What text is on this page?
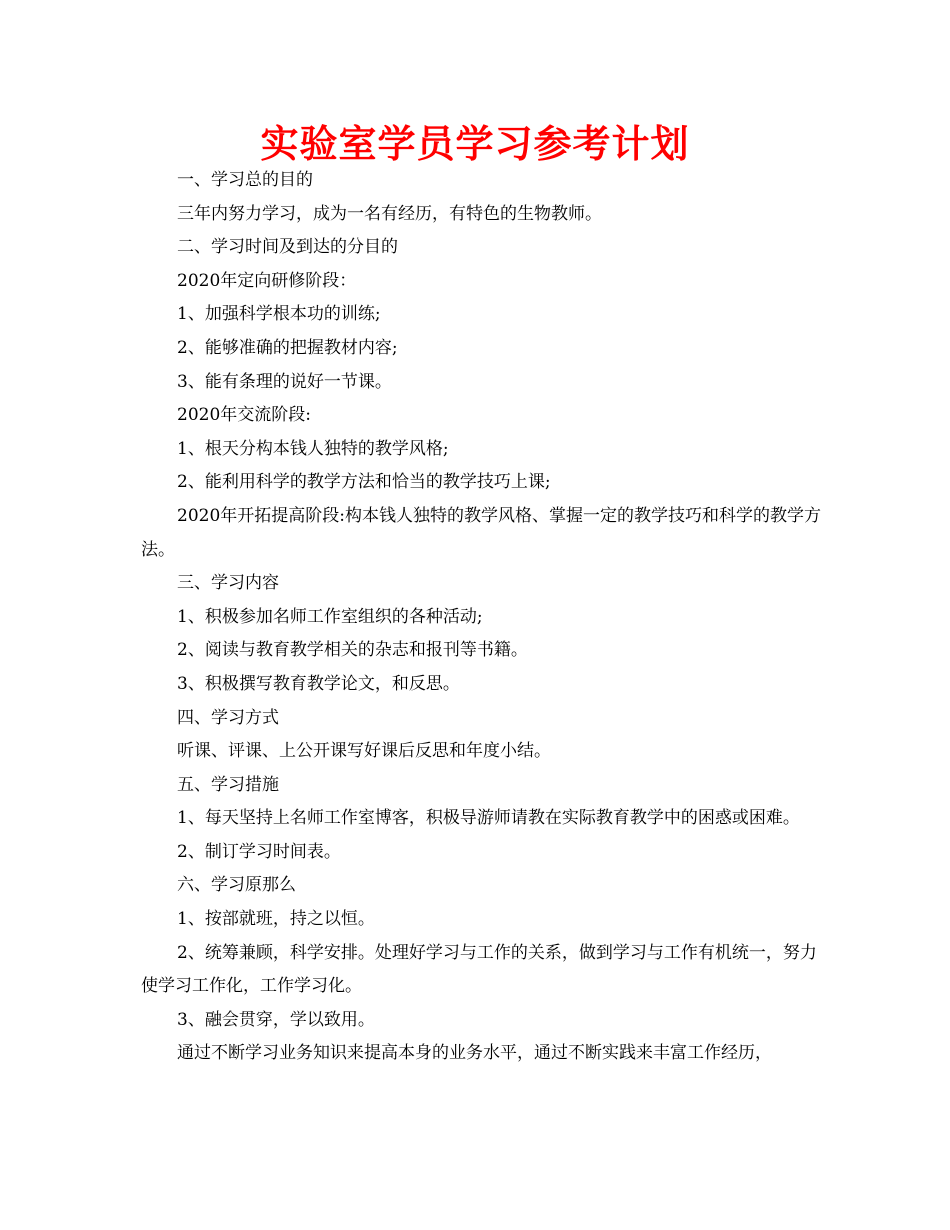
实验室学员学习参考计划

一、学习总的目的

三年内努力学习，成为一名有经历，有特色的生物教师。

二、学习时间及到达的分目的

2020年定向研修阶段：

1、加强科学根本功的训练;

2、能够准确的把握教材内容;

3、能有条理的说好一节课。

2020年交流阶段:

1、根天分构本钱人独特的教学风格;

2、能利用科学的教学方法和恰当的教学技巧上课;

2020年开拓提高阶段:构本钱人独特的教学风格、掌握一定的教学技巧和科学的教学方法。

三、学习内容

1、积极参加名师工作室组织的各种活动;

2、阅读与教育教学相关的杂志和报刊等书籍。

3、积极撰写教育教学论文，和反思。

四、学习方式

听课、评课、上公开课写好课后反思和年度小结。

五、学习措施

1、每天坚持上名师工作室博客，积极导游师请教在实际教育教学中的困惑或困难。

2、制订学习时间表。

六、学习原那么

1、按部就班，持之以恒。

2、统筹兼顾，科学安排。处理好学习与工作的关系，做到学习与工作有机统一，努力使学习工作化，工作学习化。

3、融会贯穿，学以致用。

通过不断学习业务知识来提高本身的业务水平，通过不断实践来丰富工作经历，
